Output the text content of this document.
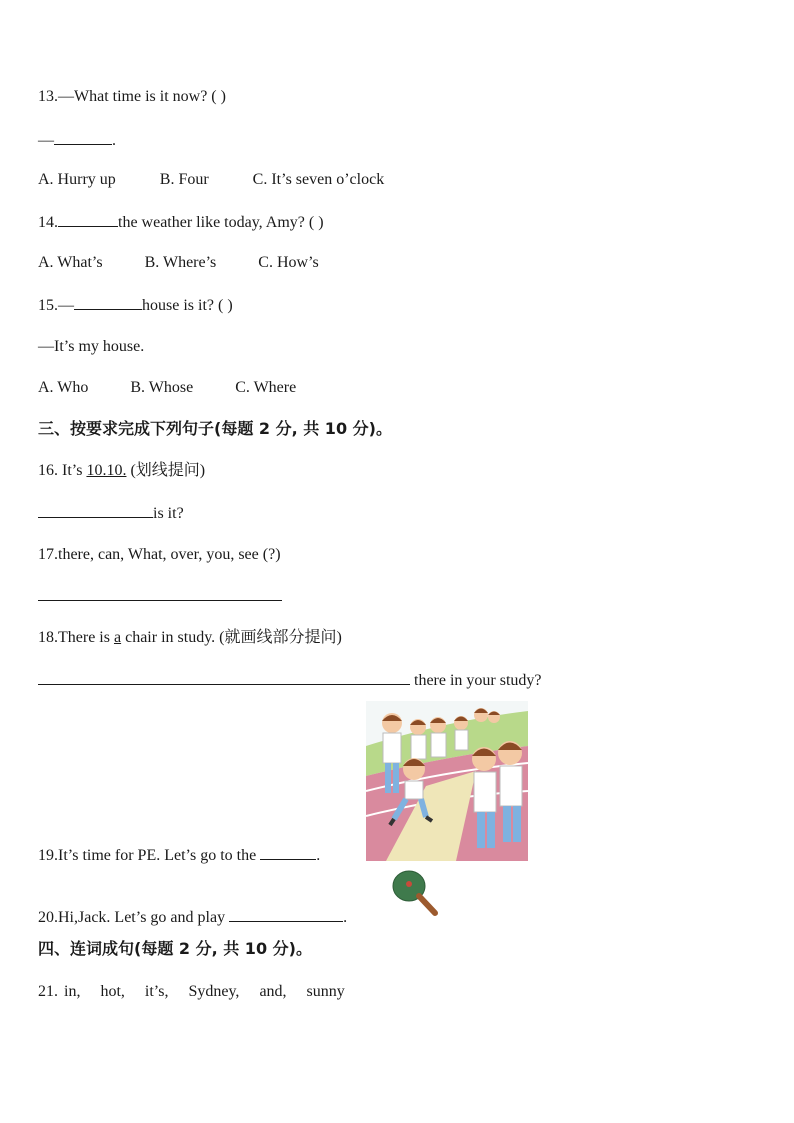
13.—What time is it now? ( )
—	.
A. Hurry up	B. Four	C. It’s seven o’clock
14.	the weather like today, Amy? ( )
A. What’s	B. Where’s	C. How’s
15.—	house is it? ( )
—It’s my house.
A. Who	B. Whose	C. Where
三、按要求完成下列句子(每题 2 分, 共 10 分)。
16. It’s 10.10. (划线提问)
is it?
17.there, can, What, over, you, see (?)
18.There is a chair in study. (就画线部分提问)
there in your study?
19.It’s time for PE. Let’s go to the	.
20.Hi,Jack. Let’s go and play	.
四、连词成句(每题 2 分, 共 10 分)。
21. in, hot, it’s, Sydney, and, sunny
